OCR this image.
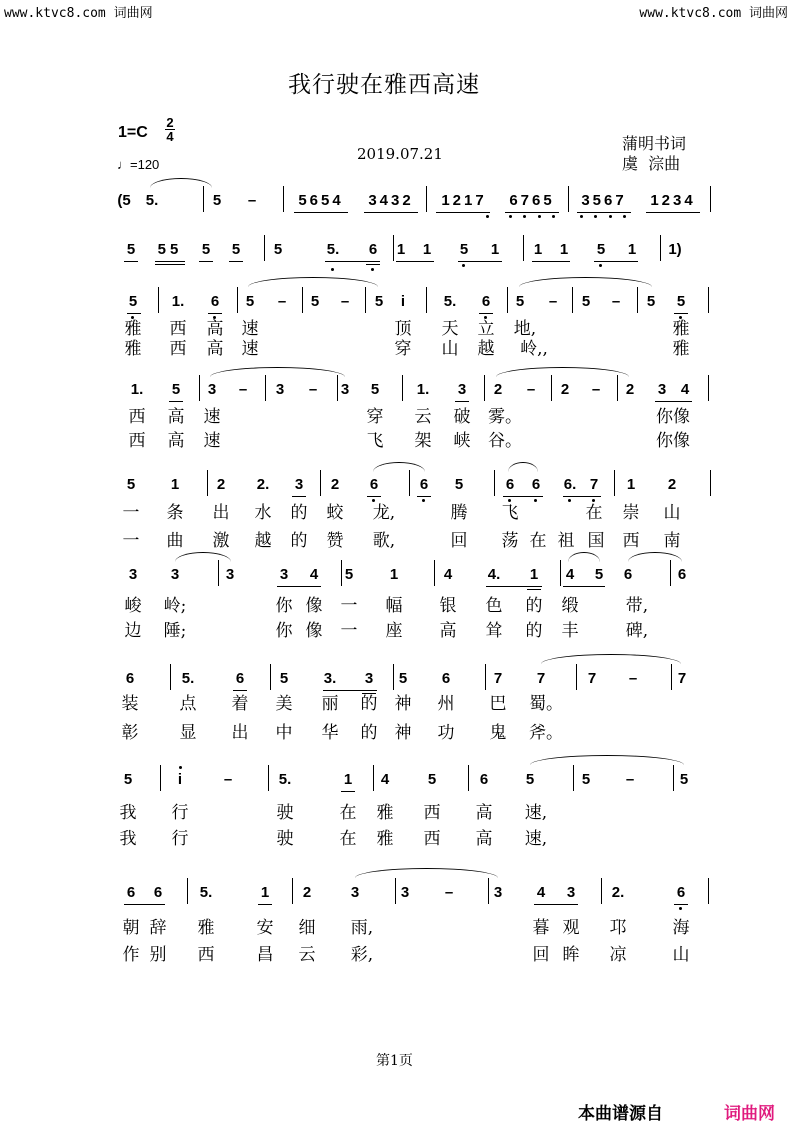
www.ktvc8.com 词曲网	www.ktvc8.com 词曲网
我行驶在雅西高速
1=C
2
4
♩=120
2019.07.21
蒲明书词
虞  淙曲
(5 5.	5 –	5654 3432 1217 6765 3567 1234
5 55 5 5 5	5. 6 1 1 5 1 1 1 5 1 1)
5 1. 6 5 – 5 – 5 i	5. 6 5 – 5 – 5 5
雅 西 高 速	顶 天 立 地,	雅
雅 西 高 速	穿 山 越 岭,,	雅
1. 5 3 – 3 – 3 5	1. 3 2 – 2 – 2 3 4
西 高 速	穿 云 破 雾。	你像
西 高 速	飞 架 峡 谷。	你像
5 1	2 2. 3 2 6	6 5	6 6 6. 7 1 2
一 条 出 水 的 蛟 龙,	腾 飞	在 崇 山
一 曲 激 越 的 赞 歌,	回 荡 在 祖 国 西 南
3 3	3	3 4 5 1	4 4. 1 4 5 6	6
峻 岭;	你 像 一 幅 银 色 的 缎	带,
边 陲;	你 像 一 座 高 耸 的 丰	碑,
6	5.	6 5 3. 3 5 6	7 7	7 –	7
装 点 着 美 丽 的 神 州 巴 蜀。
彰 显 出 中 华 的 神 功 鬼 斧。
5	i	–	5.	1 4	5	6	5	5 –	5
我 行	驶	在 雅 西 高 速,
我 行	驶	在 雅 西 高 速,
6 6	5.	1 2	3	3 –	3 4 3 2.	6
朝 辞 雅 安 细 雨,	暮 观 邛	海
作 别 西 昌 云 彩,	回 眸 凉	山
第1页
本曲谱源自	词曲网
